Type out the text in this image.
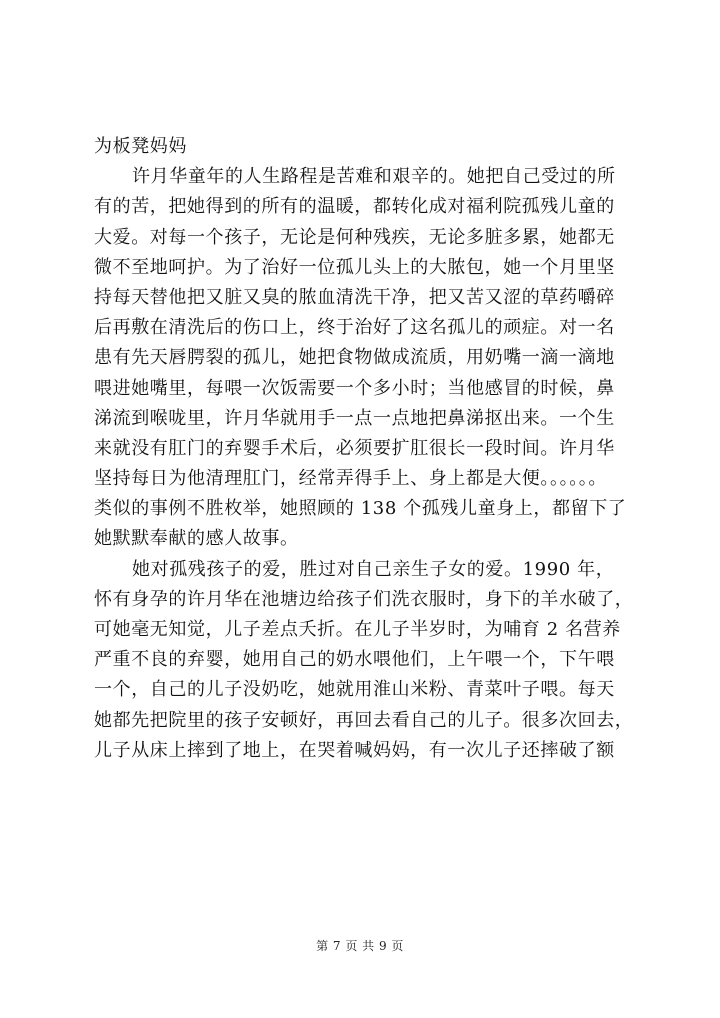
为板凳妈妈
许月华童年的人生路程是苦难和艰辛的。她把自己受过的所
有的苦，把她得到的所有的温暖，都转化成对福利院孤残儿童的
大爱。对每一个孩子，无论是何种残疾，无论多脏多累，她都无
微不至地呵护。为了治好一位孤儿头上的大脓包，她一个月里坚
持每天替他把又脏又臭的脓血清洗干净，把又苦又涩的草药嚼碎
后再敷在清洗后的伤口上，终于治好了这名孤儿的顽症。对一名
患有先天唇腭裂的孤儿，她把食物做成流质，用奶嘴一滴一滴地
喂进她嘴里，每喂一次饭需要一个多小时；当他感冒的时候，鼻
涕流到喉咙里，许月华就用手一点一点地把鼻涕抠出来。一个生
来就没有肛门的弃婴手术后，必须要扩肛很长一段时间。许月华
坚持每日为他清理肛门，经常弄得手上、身上都是大便。。。。。。
类似的事例不胜枚举，她照顾的 138 个孤残儿童身上，都留下了
她默默奉献的感人故事。
她对孤残孩子的爱，胜过对自己亲生子女的爱。1990 年，
怀有身孕的许月华在池塘边给孩子们洗衣服时，身下的羊水破了，
可她毫无知觉，儿子差点夭折。在儿子半岁时，为哺育 2 名营养
严重不良的弃婴，她用自己的奶水喂他们，上午喂一个，下午喂
一个，自己的儿子没奶吃，她就用淮山米粉、青菜叶子喂。每天
她都先把院里的孩子安顿好，再回去看自己的儿子。很多次回去，
儿子从床上摔到了地上，在哭着喊妈妈，有一次儿子还摔破了额
第 7 页 共 9 页
